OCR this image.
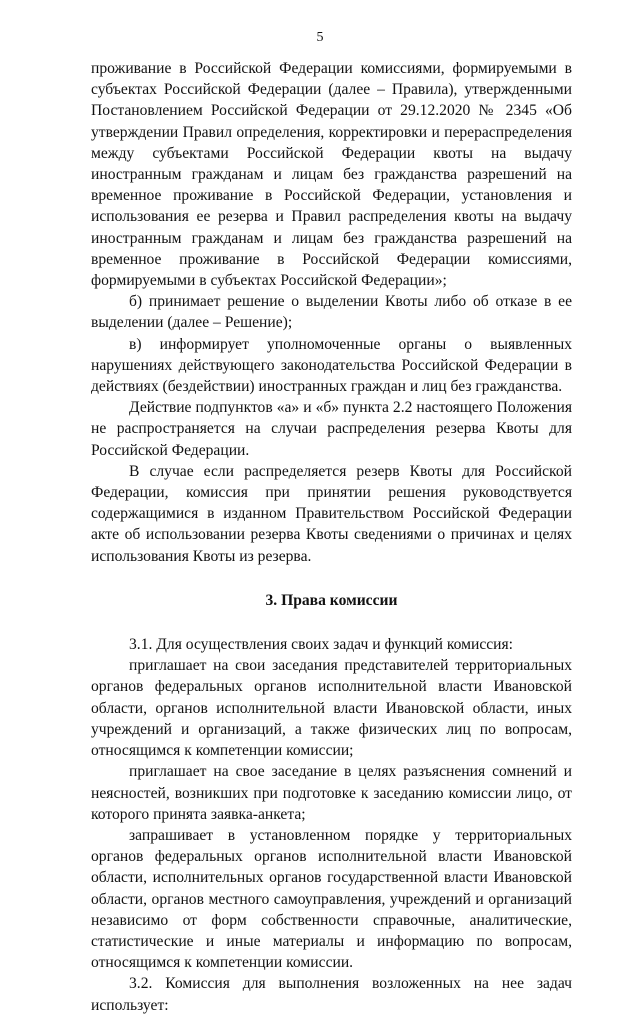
5

проживание в Российской Федерации комиссиями, формируемыми в субъектах Российской Федерации (далее – Правила), утвержденными Постановлением Российской Федерации от 29.12.2020 № 2345 «Об утверждении Правил определения, корректировки и перераспределения между субъектами Российской Федерации квоты на выдачу иностранным гражданам и лицам без гражданства разрешений на временное проживание в Российской Федерации, установления и использования ее резерва и Правил распределения квоты на выдачу иностранным гражданам и лицам без гражданства разрешений на временное проживание в Российской Федерации комиссиями, формируемыми в субъектах Российской Федерации»;

б) принимает решение о выделении Квоты либо об отказе в ее выделении (далее – Решение);

в) информирует уполномоченные органы о выявленных нарушениях действующего законодательства Российской Федерации в действиях (бездействии) иностранных граждан и лиц без гражданства.

Действие подпунктов «а» и «б» пункта 2.2 настоящего Положения не распространяется на случаи распределения резерва Квоты для Российской Федерации.

В случае если распределяется резерв Квоты для Российской Федерации, комиссия при принятии решения руководствуется содержащимися в изданном Правительством Российской Федерации акте об использовании резерва Квоты сведениями о причинах и целях использования Квоты из резерва.

3. Права комиссии

3.1. Для осуществления своих задач и функций комиссия:

приглашает на свои заседания представителей территориальных органов федеральных органов исполнительной власти Ивановской области, органов исполнительной власти Ивановской области, иных учреждений и организаций, а также физических лиц по вопросам, относящимся к компетенции комиссии;

приглашает на свое заседание в целях разъяснения сомнений и неясностей, возникших при подготовке к заседанию комиссии лицо, от которого принята заявка-анкета;

запрашивает в установленном порядке у территориальных органов федеральных органов исполнительной власти Ивановской области, исполнительных органов государственной власти Ивановской области, органов местного самоуправления, учреждений и организаций независимо от форм собственности справочные, аналитические, статистические и иные материалы и информацию по вопросам, относящимся к компетенции комиссии.

3.2. Комиссия для выполнения возложенных на нее задач использует:
